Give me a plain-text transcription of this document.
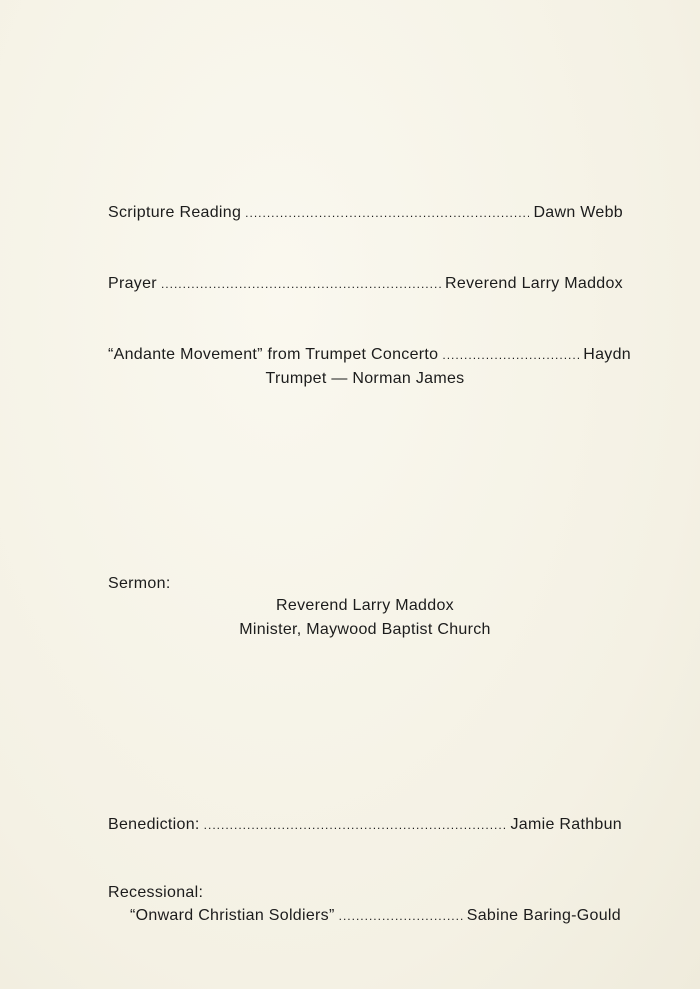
Scripture Reading .....	Dawn Webb
Prayer .....	Reverend Larry Maddox
“Andante Movement” from Trumpet Concerto .....	Haydn
Trumpet — Norman James
Sermon:
Reverend Larry Maddox
Minister, Maywood Baptist Church
Benediction: .....	Jamie Rathbun
Recessional:
“Onward Christian Soldiers” .....	Sabine Baring-Gould
